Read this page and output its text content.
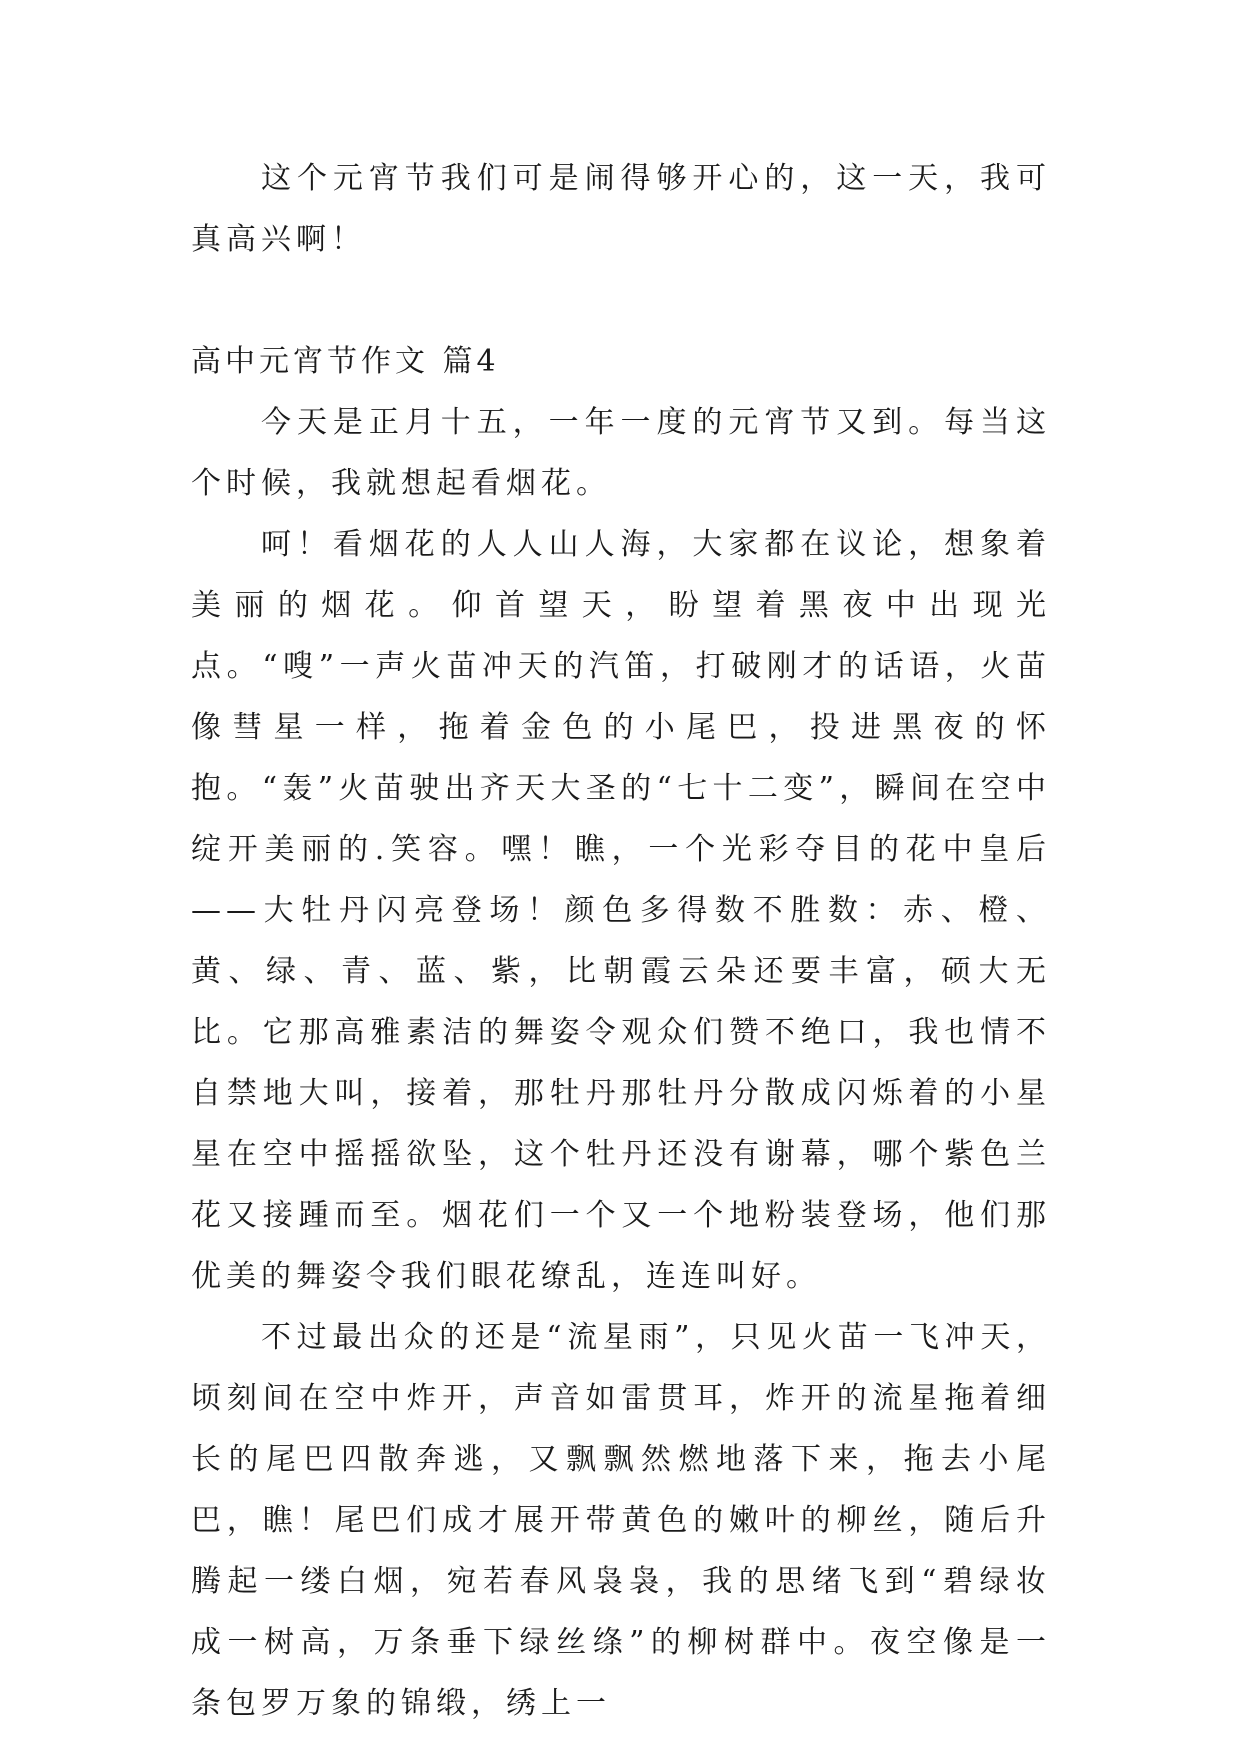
这个元宵节我们可是闹得够开心的，这一天，我可真高兴啊！

高中元宵节作文 篇4

今天是正月十五，一年一度的元宵节又到。每当这个时候，我就想起看烟花。

呵！看烟花的人人山人海，大家都在议论，想象着美丽的烟花。仰首望天，盼望着黑夜中出现光点。“嗖”一声火苗冲天的汽笛，打破刚才的话语，火苗像彗星一样，拖着金色的小尾巴，投进黑夜的怀抱。“轰”火苗驶出齐天大圣的“七十二变”，瞬间在空中绽开美丽的.笑容。嘿！瞧，一个光彩夺目的花中皇后——大牡丹闪亮登场！颜色多得数不胜数：赤、橙、黄、绿、青、蓝、紫，比朝霞云朵还要丰富，硕大无比。它那高雅素洁的舞姿令观众们赞不绝口，我也情不自禁地大叫，接着，那牡丹那牡丹分散成闪烁着的小星星在空中摇摇欲坠，这个牡丹还没有谢幕，哪个紫色兰花又接踵而至。烟花们一个又一个地粉装登场，他们那优美的舞姿令我们眼花缭乱，连连叫好。

不过最出众的还是“流星雨”，只见火苗一飞冲天，顷刻间在空中炸开，声音如雷贯耳，炸开的流星拖着细长的尾巴四散奔逃，又飘飘然燃地落下来，拖去小尾巴，瞧！尾巴们成才展开带黄色的嫩叶的柳丝，随后升腾起一缕白烟，宛若春风袅袅，我的思绪飞到“碧绿妆成一树高，万条垂下绿丝绦”的柳树群中。夜空像是一条包罗万象的锦缎，绣上一
